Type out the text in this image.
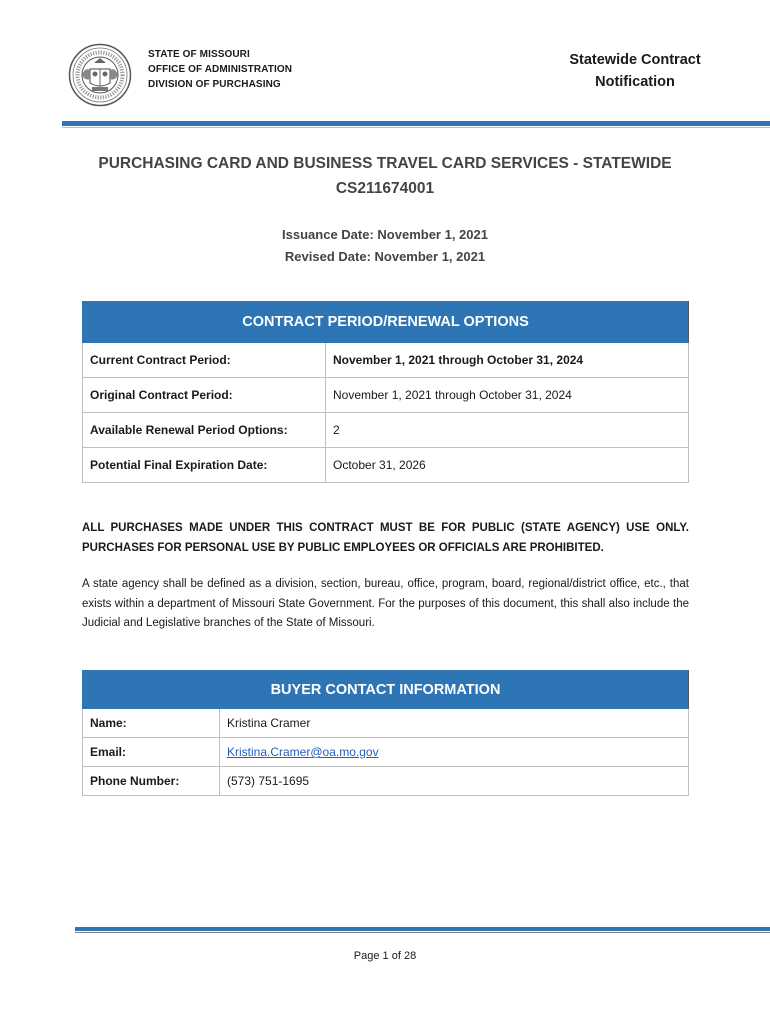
STATE OF MISSOURI
OFFICE OF ADMINISTRATION
DIVISION OF PURCHASING
Statewide Contract
Notification
PURCHASING CARD AND BUSINESS TRAVEL CARD SERVICES - STATEWIDE
CS211674001
Issuance Date: November 1, 2021
Revised Date: November 1, 2021
CONTRACT PERIOD/RENEWAL OPTIONS	
Current Contract Period:	November 1, 2021 through October 31, 2024
Original Contract Period:	November 1, 2021 through October 31, 2024
Available Renewal Period Options:	2
Potential Final Expiration Date:	October 31, 2026
ALL PURCHASES MADE UNDER THIS CONTRACT MUST BE FOR PUBLIC (STATE AGENCY) USE ONLY. PURCHASES FOR PERSONAL USE BY PUBLIC EMPLOYEES OR OFFICIALS ARE PROHIBITED.
A state agency shall be defined as a division, section, bureau, office, program, board, regional/district office, etc., that exists within a department of Missouri State Government. For the purposes of this document, this shall also include the Judicial and Legislative branches of the State of Missouri.
BUYER CONTACT INFORMATION	
Name:	Kristina Cramer
Email:	Kristina.Cramer@oa.mo.gov
Phone Number:	(573) 751-1695
Page 1 of 28
